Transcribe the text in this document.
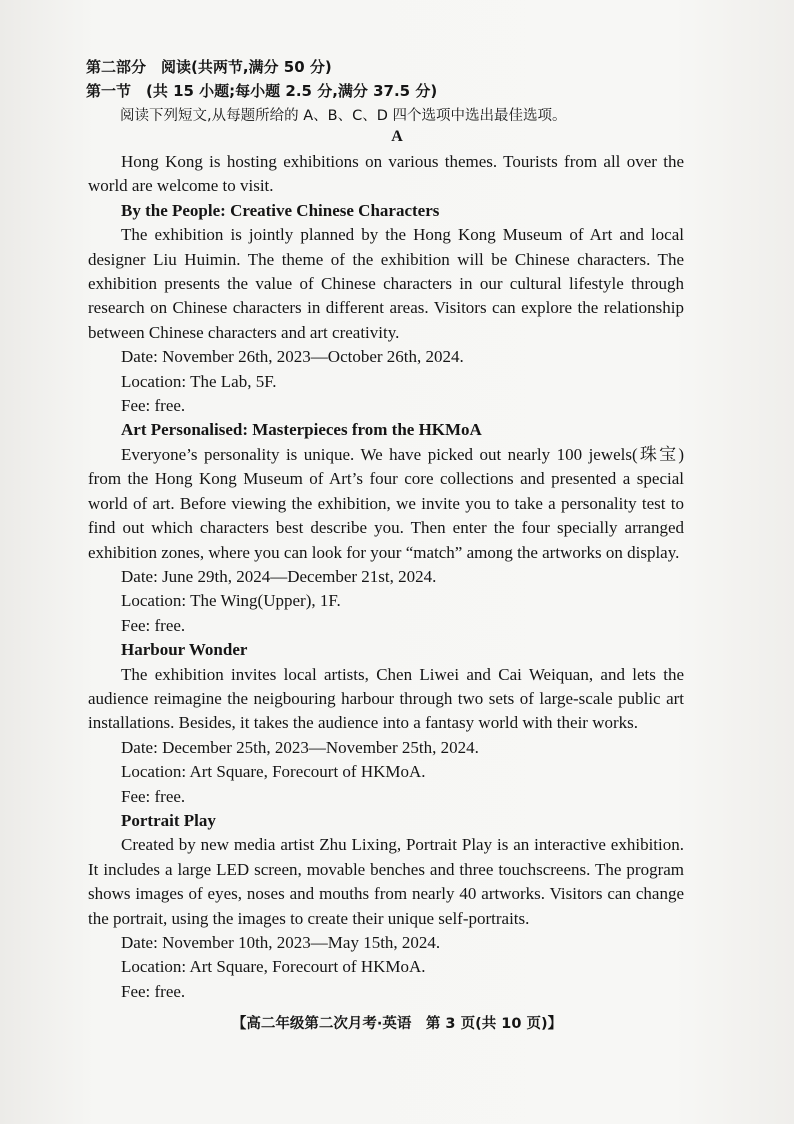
第二部分　阅读(共两节,满分 50 分)
第一节　(共 15 小题;每小题 2.5 分,满分 37.5 分)
阅读下列短文,从每题所给的 A、B、C、D 四个选项中选出最佳选项。
A

Hong Kong is hosting exhibitions on various themes. Tourists from all over the world are welcome to visit.

By the People: Creative Chinese Characters

The exhibition is jointly planned by the Hong Kong Museum of Art and local designer Liu Huimin. The theme of the exhibition will be Chinese characters. The exhibition presents the value of Chinese characters in our cultural lifestyle through research on Chinese characters in different areas. Visitors can explore the relationship between Chinese characters and art creativity.

Date: November 26th, 2023—October 26th, 2024.

Location: The Lab, 5F.

Fee: free.

Art Personalised: Masterpieces from the HKMoA

Everyone’s personality is unique. We have picked out nearly 100 jewels(珠宝) from the Hong Kong Museum of Art’s four core collections and presented a special world of art. Before viewing the exhibition, we invite you to take a personality test to find out which characters best describe you. Then enter the four specially arranged exhibition zones, where you can look for your “match” among the artworks on display.

Date: June 29th, 2024—December 21st, 2024.

Location: The Wing(Upper), 1F.

Fee: free.

Harbour Wonder

The exhibition invites local artists, Chen Liwei and Cai Weiquan, and lets the audience reimagine the neigbouring harbour through two sets of large-scale public art installations. Besides, it takes the audience into a fantasy world with their works.

Date: December 25th, 2023—November 25th, 2024.

Location: Art Square, Forecourt of HKMoA.

Fee: free.

Portrait Play

Created by new media artist Zhu Lixing, Portrait Play is an interactive exhibition. It includes a large LED screen, movable benches and three touchscreens. The program shows images of eyes, noses and mouths from nearly 40 artworks. Visitors can change the portrait, using the images to create their unique self-portraits.

Date: November 10th, 2023—May 15th, 2024.

Location: Art Square, Forecourt of HKMoA.

Fee: free.

【高二年级第二次月考·英语　第 3 页(共 10 页)】
